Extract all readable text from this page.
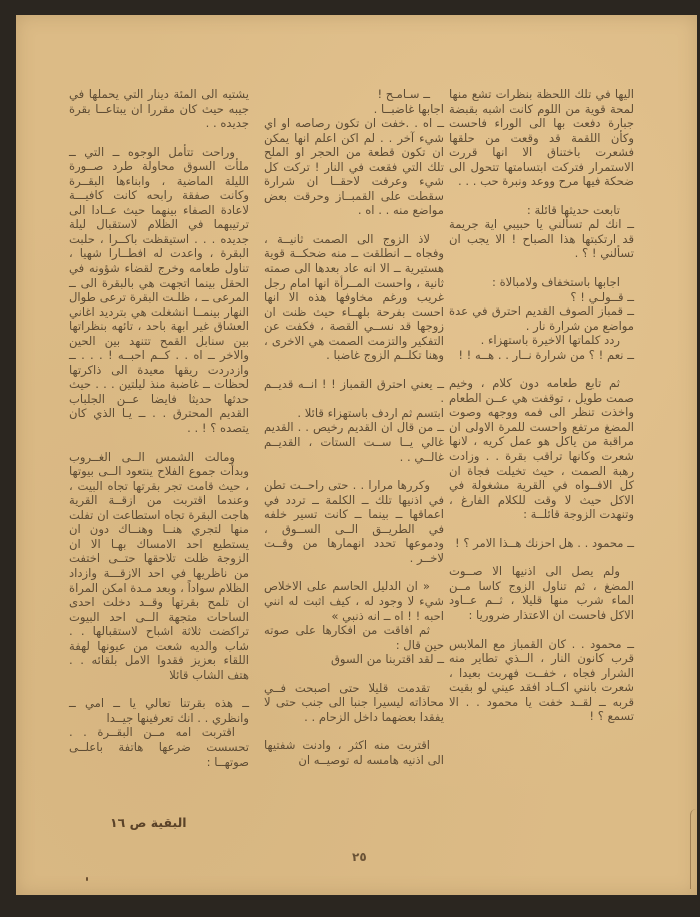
اليها في تلك اللحظة بنظرات تشع منها لمحة قوية من اللوم كانت اشبه بقبضة جبارة دفعت بها الى الوراء فاحست وكأن اللقمة قد وقعت من حلقها فشعرت باختناق الا انها قررت الاستمرار فتركت ابتسامتها تتحول الى ضحكة فيها مرح ووعد ونبرة حب . . .

تابعت حديثها قائلة :

ــ انك لم تسألني يا حبيبي اية جريمة قد ارتكبتها هذا الصباح ! الا يجب ان تسألني ! ؟ .

اجابها باستخفاف ولامبالاة :

ــ قــولـي ! ؟

ــ قمباز الصوف القديم احترق في عدة مواضع من شرارة نار .

ردد كلماتها الاخيرة باستهزاء .

ــ نعم ! ؟ من شرارة نــار . . هــه ! !

ثم تابع طعامه دون كلام ، وخيم صمت طويل ، توقفت هي عــن الطعام واخذت تنظر الى فمه ووجهه وصوت المضغ مرتفع واحست للمرة الاولى ان مراقبة من ياكل هو عمل كريه ، لانها شعرت وكانها تراقب بقرة . . وزادت رهبة الصمت ، حيث تخيلت فجاة ان كل الافــواه في القرية مشغولة في الاكل حيث لا وقت للكلام الفارغ ، وتنهدت الزوجة قائلــة :

ــ محمود . . هل احزنك هــذا الامر ؟ !

ولم يصل الى اذنيها الا صــوت المضغ ، ثم تناول الزوج كاسا مــن الماء شرب منها قليلا ، ثــم عــاود الاكل فاحست ان الاعتذار ضروريا :

ــ محمود . . كان القمباز مع الملابس قرب كانون النار ، الــذي تطاير منه الشرار فجاه ، خفــت فهربت بعيدا ، شعرت بانني اكــاد افقد عيني لو بقيت قربه ــ لقــد خفت يا محمود . . الا تسمع ؟ !

ــ سـامـح !

اجابها غاضبــا .

ــ اه . .خفت ان تكون رصاصه او اي شيء آخر . . لم اكن اعلم انها يمكن ان تكون قطعة من الحجر او الملح تلك التي فقعت في النار ! تركت كل شيء وعرفت لاحقــا ان شرارة سقطت على القمبــاز وحرقت بعض مواضع منه . . اه .

لاذ الزوج الى الصمت ثانيــة ، وفجاه ــ انطلقت ــ منه ضحكــة قوية هستيرية ــ الا انه عاد بعدها الى صمته ثانية ، واحست المــرأة انها امام رجل غريب ورغم مخاوفها هذه الا انها احست بفرحة بلهــاء حيث ظنت ان زوجها قد نســي القصة ، فكفت عن التفكير والتزمت الصمت هي الاخرى ، وهنا تكلــم الزوج غاضبا .

ــ يعني احترق القمباز ! ! انــه قديــم .

ابتسم ثم اردف باستهزاء قائلا .

ــ من قال ان القديم رخيص . . القديم غالي يــا ســت الستات ، القديــم غالــي . .

وكررها مرارا . . حتى راحــت تطن في اذنيها تلك ــ الكلمة ــ تردد في اعماقها ــ بينما ــ كانت تسير خلفه في الطريــق الــى الســوق ، ودموعها تحدد انهمارها من وقــت لاخــر .

« ان الدليل الحاسم على الاخلاص شيء لا وجود له ، كيف اثبت له انني احبه ! ! اه ــ انه ذنبي »

ثم افاقت من افكارها على صوته حين قال :

ــ لقد اقتربنا من السوق

تقدمت قليلا حتى اصبحت فــي محاذاته ليسيرا جنبا الى جنب حتى لا يفقدا بعضهما داخل الزحام . .

اقتربت منه اكثر ، وادنت شفتيها الى اذنيه هامسه له توصيــه ان

يشتيه الى المئة دينار التي يحملها في جيبه حيث كان مقررا ان يبتاعــا بقرة جديده . .

وراحت تتأمل الوجوه ــ التي ــ ملأت السوق محاولة طرد صــورة الليلة الماضية ، وابناءها البقــرة وكانت صفقة رابحه كانت كافيـــة لاعادة الصفاء بينهما حيث عــادا الى ترتيبهما في الظلام لاستقبال ليلة جديده . . . استيقظت باكــرا ، حلبت البقرة ، واعدت له افطــارا شهيا ، تناول طعامه وخرج لقضاء شؤونه في الحقل بينما اتجهت هي بالبقرة الى ــ المرعى ــ ، ظلـت البقرة ترعى طوال النهار بينمــا انشغلت هي بترديد اغاني العشاق غير ابهة باحد ، تائهه بنظراتها بين سنابل القمح تتنهد بين الحين والاخر ــ اه . . كــم احبــه ! . . . ــ وازدردت ريقها معيدة الى ذاكرتها لحظات ــ غاضبة منذ ليلتين . . . حيث حدثها حديثا فايضا عــن الجلباب القديم المحترق . . ــ يـا الذي كان يتصده ؟ ! . .

ومالت الشمس الــى الغــروب وبدأت جموع الفلاح ينتعود الــى بيوتها ، حيث قامت تجر بقرتها تجاه البيت ، وعندما اقتربت من ازقــة القرية هاجت البقرة تجاه استطاعت ان تفلت منها لتجري هنــا وهنــاك دون ان يستطيع احد الامساك بهـا الا ان الزوجة ظلت تلاحقها حتــى اختفت من ناظريها في احد الازقـــة وازداد الظلام سواداً ، وبعد مـدة امكن المراة ان تلمح بقرتها وقــد دخلت احدى الساحات متجهة الــى احد البيوت تراكضت ثلاثة اشباح لاستقبالها . . شاب والديه شعت من عيونها لهفة اللقاء بعزيز فقدوا الامل بلقائه . . هتف الشاب قائلا

ــ هذه بقرتنا تعالي يا ــ امي ــ وانظري . . انك تعرفينها جيــدا

اقتربت امه مــن البقــرة . . تحسست ضرعها هاتفة باعلــى صوتهــا :

البقية ص ١٦
٢٥
